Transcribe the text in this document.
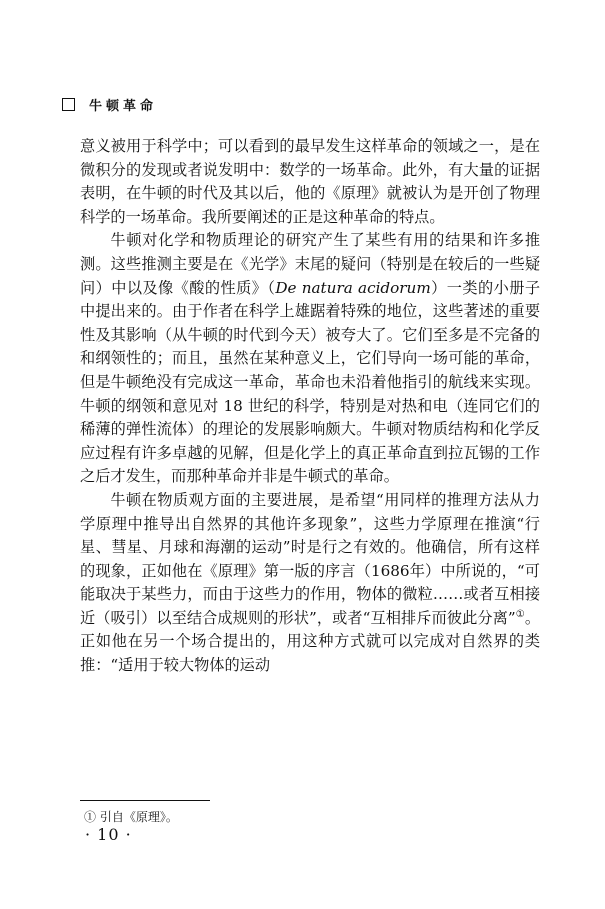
牛顿革命

意义被用于科学中；可以看到的最早发生这样革命的领域之一，是在微积分的发现或者说发明中：数学的一场革命。此外，有大量的证据表明，在牛顿的时代及其以后，他的《原理》就被认为是开创了物理科学的一场革命。我所要阐述的正是这种革命的特点。

牛顿对化学和物质理论的研究产生了某些有用的结果和许多推测。这些推测主要是在《光学》末尾的疑问（特别是在较后的一些疑问）中以及像《酸的性质》（De natura acidorum）一类的小册子中提出来的。由于作者在科学上雄踞着特殊的地位，这些著述的重要性及其影响（从牛顿的时代到今天）被夸大了。它们至多是不完备的和纲领性的；而且，虽然在某种意义上，它们导向一场可能的革命，但是牛顿绝没有完成这一革命，革命也未沿着他指引的航线来实现。牛顿的纲领和意见对 18 世纪的科学，特别是对热和电（连同它们的稀薄的弹性流体）的理论的发展影响颇大。牛顿对物质结构和化学反应过程有许多卓越的见解，但是化学上的真正革命直到拉瓦锡的工作之后才发生，而那种革命并非是牛顿式的革命。

牛顿在物质观方面的主要进展，是希望“用同样的推理方法从力学原理中推导出自然界的其他许多现象”，这些力学原理在推演“行星、彗星、月球和海潮的运动”时是行之有效的。他确信，所有这样的现象，正如他在《原理》第一版的序言（1686年）中所说的，“可能取决于某些力，而由于这些力的作用，物体的微粒……或者互相接近（吸引）以至结合成规则的形状”，或者“互相排斥而彼此分离”①。正如他在另一个场合提出的，用这种方式就可以完成对自然界的类推：“适用于较大物体的运动

① 引自《原理》。
· 10 ·
